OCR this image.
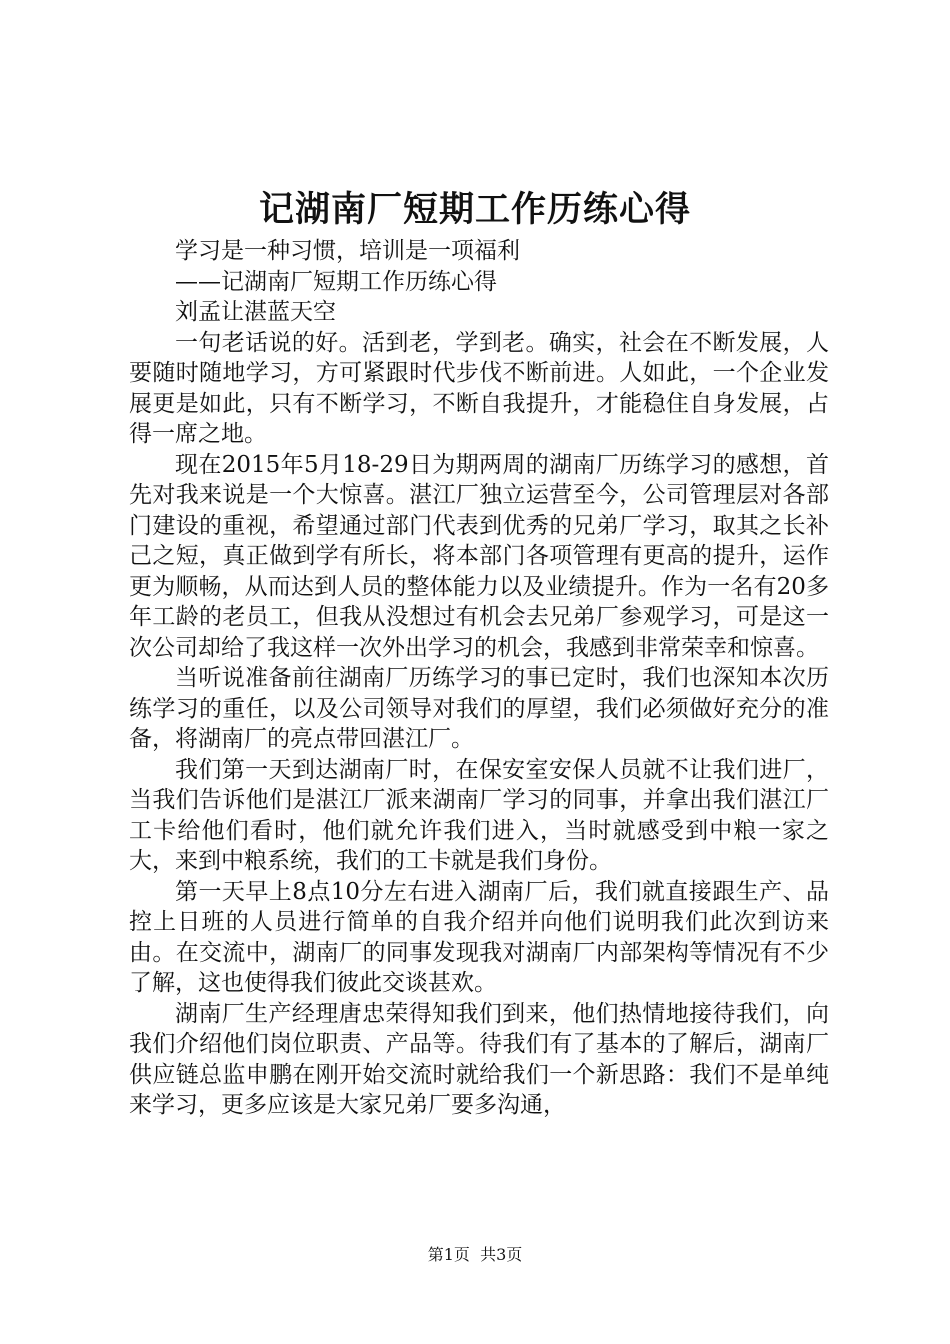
记湖南厂短期工作历练心得

学习是一种习惯，培训是一项福利

——记湖南厂短期工作历练心得

刘孟让湛蓝天空

一句老话说的好。活到老，学到老。确实，社会在不断发展，人要随时随地学习，方可紧跟时代步伐不断前进。人如此，一个企业发展更是如此，只有不断学习，不断自我提升，才能稳住自身发展，占得一席之地。

现在2015年5月18-29日为期两周的湖南厂历练学习的感想，首先对我来说是一个大惊喜。湛江厂独立运营至今，公司管理层对各部门建设的重视，希望通过部门代表到优秀的兄弟厂学习，取其之长补己之短，真正做到学有所长，将本部门各项管理有更高的提升，运作更为顺畅，从而达到人员的整体能力以及业绩提升。作为一名有20多年工龄的老员工，但我从没想过有机会去兄弟厂参观学习，可是这一次公司却给了我这样一次外出学习的机会，我感到非常荣幸和惊喜。

当听说准备前往湖南厂历练学习的事已定时，我们也深知本次历练学习的重任，以及公司领导对我们的厚望，我们必须做好充分的准备，将湖南厂的亮点带回湛江厂。

我们第一天到达湖南厂时，在保安室安保人员就不让我们进厂，当我们告诉他们是湛江厂派来湖南厂学习的同事，并拿出我们湛江厂工卡给他们看时，他们就允许我们进入，当时就感受到中粮一家之大，来到中粮系统，我们的工卡就是我们身份。

第一天早上8点10分左右进入湖南厂后，我们就直接跟生产、品控上日班的人员进行简单的自我介绍并向他们说明我们此次到访来由。在交流中，湖南厂的同事发现我对湖南厂内部架构等情况有不少了解，这也使得我们彼此交谈甚欢。

湖南厂生产经理唐忠荣得知我们到来，他们热情地接待我们，向我们介绍他们岗位职责、产品等。待我们有了基本的了解后，湖南厂供应链总监申鹏在刚开始交流时就给我们一个新思路：我们不是单纯来学习，更多应该是大家兄弟厂要多沟通，

第1页 共3页
